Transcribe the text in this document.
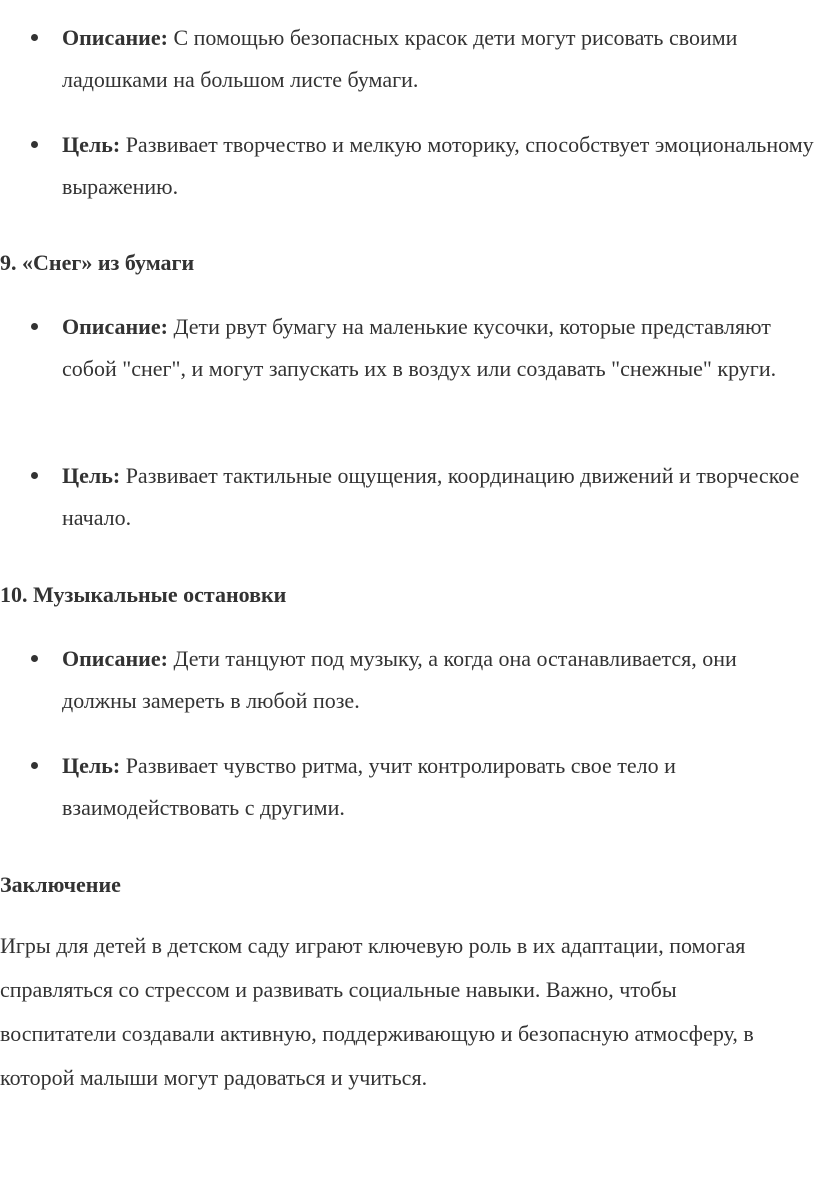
Описание: С помощью безопасных красок дети могут рисовать своими ладошками на большом листе бумаги.
Цель: Развивает творчество и мелкую моторику, способствует эмоциональному выражению.
9. «Снег» из бумаги
Описание: Дети рвут бумагу на маленькие кусочки, которые представляют собой "снег", и могут запускать их в воздух или создавать "снежные" круги.
Цель: Развивает тактильные ощущения, координацию движений и творческое начало.
10. Музыкальные остановки
Описание: Дети танцуют под музыку, а когда она останавливается, они должны замереть в любой позе.
Цель: Развивает чувство ритма, учит контролировать свое тело и взаимодействовать с другими.
Заключение
Игры для детей в детском саду играют ключевую роль в их адаптации, помогая справляться со стрессом и развивать социальные навыки. Важно, чтобы воспитатели создавали активную, поддерживающую и безопасную атмосферу, в которой малыши могут радоваться и учиться.
